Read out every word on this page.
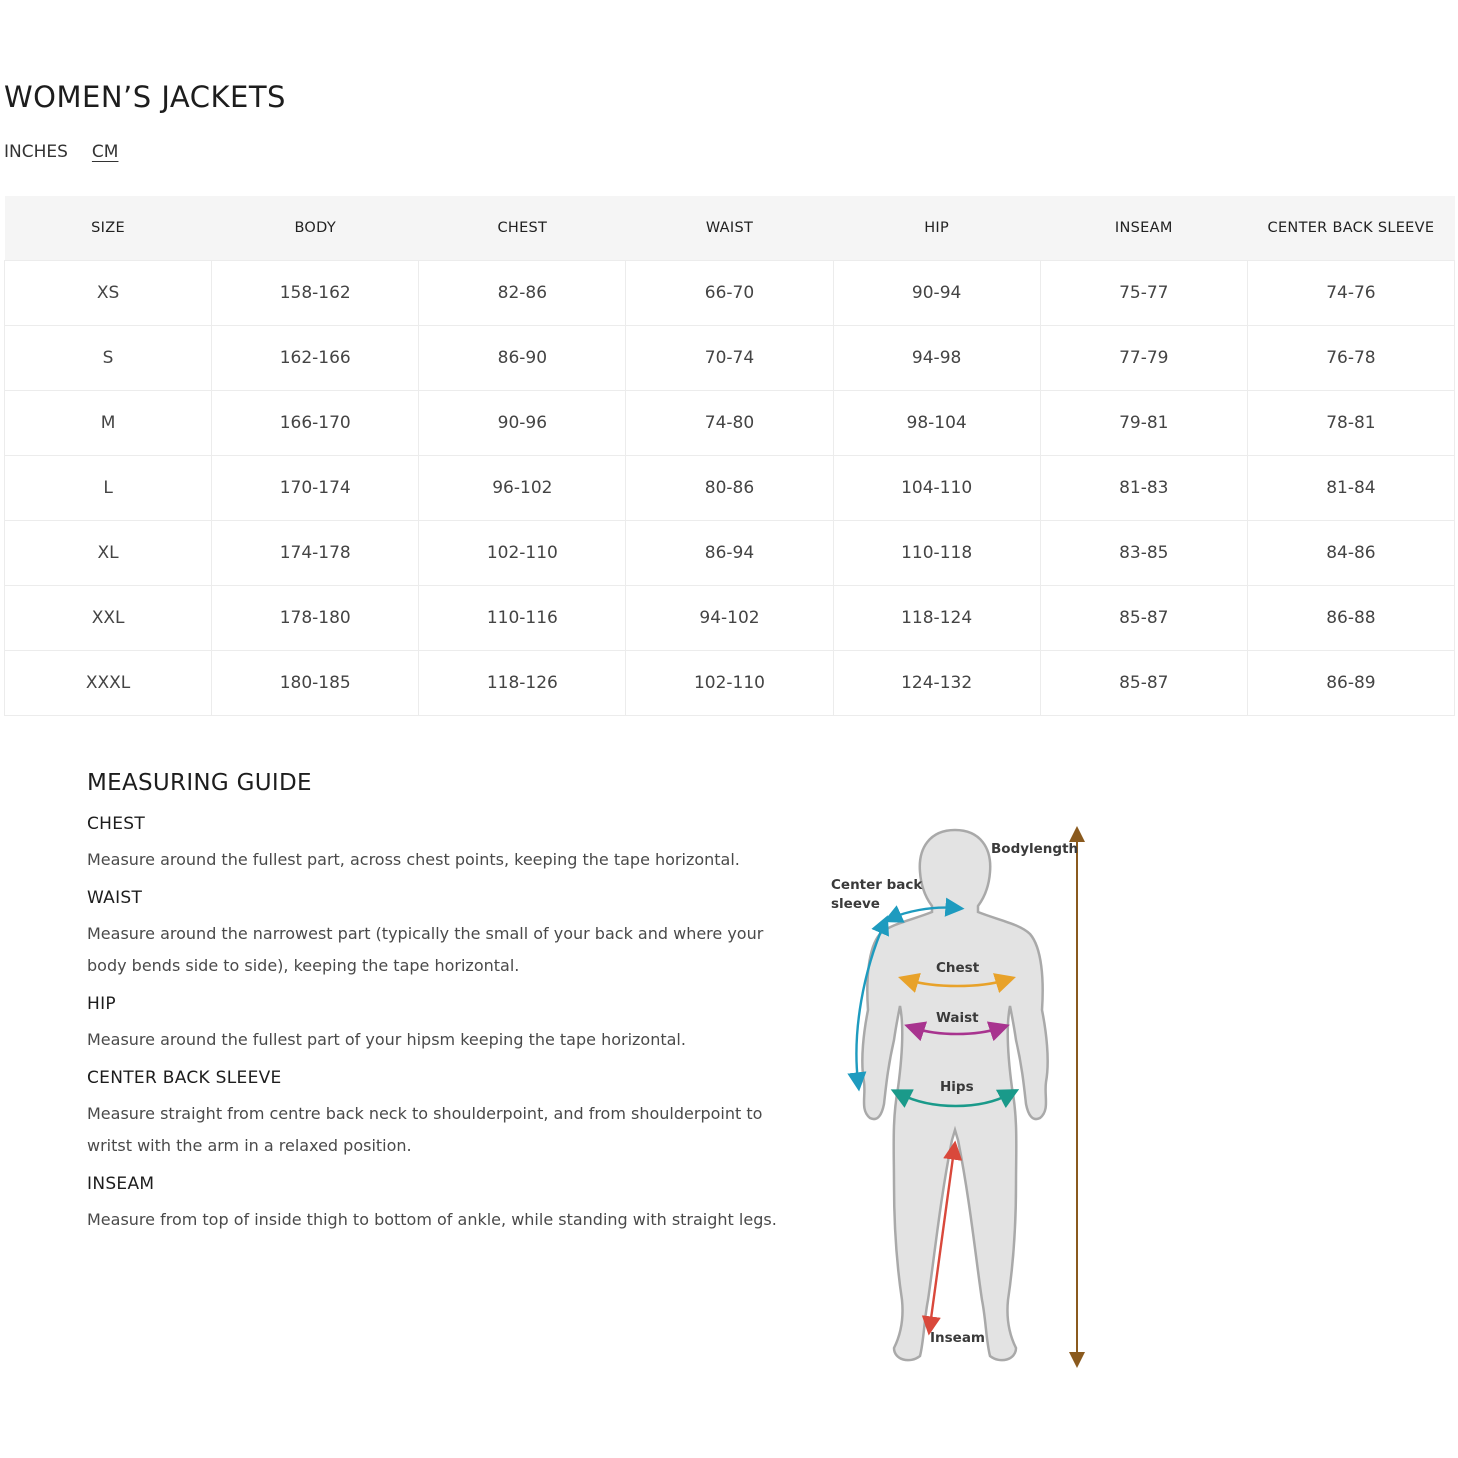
WOMEN’S JACKETS
INCHES CM
SIZE	BODY	CHEST	WAIST	HIP	INSEAM	CENTER BACK SLEEVE
XS	158-162	82-86	66-70	90-94	75-77	74-76
S	162-166	86-90	70-74	94-98	77-79	76-78
M	166-170	90-96	74-80	98-104	79-81	78-81
L	170-174	96-102	80-86	104-110	81-83	81-84
XL	174-178	102-110	86-94	110-118	83-85	84-86
XXL	178-180	110-116	94-102	118-124	85-87	86-88
XXXL	180-185	118-126	102-110	124-132	85-87	86-89
MEASURING GUIDE
CHEST

Measure around the fullest part, across chest points, keeping the tape horizontal.

WAIST

Measure around the narrowest part (typically the small of your back and where your body bends side to side), keeping the tape horizontal.

HIP

Measure around the fullest part of your hipsm keeping the tape horizontal.

CENTER BACK SLEEVE

Measure straight from centre back neck to shoulderpoint, and from shoulderpoint to writst with the arm in a relaxed position.

INSEAM

Measure from top of inside thigh to bottom of ankle, while standing with straight legs.

Bodylength
Center back
sleeve
Chest
Waist
Hips
Inseam
